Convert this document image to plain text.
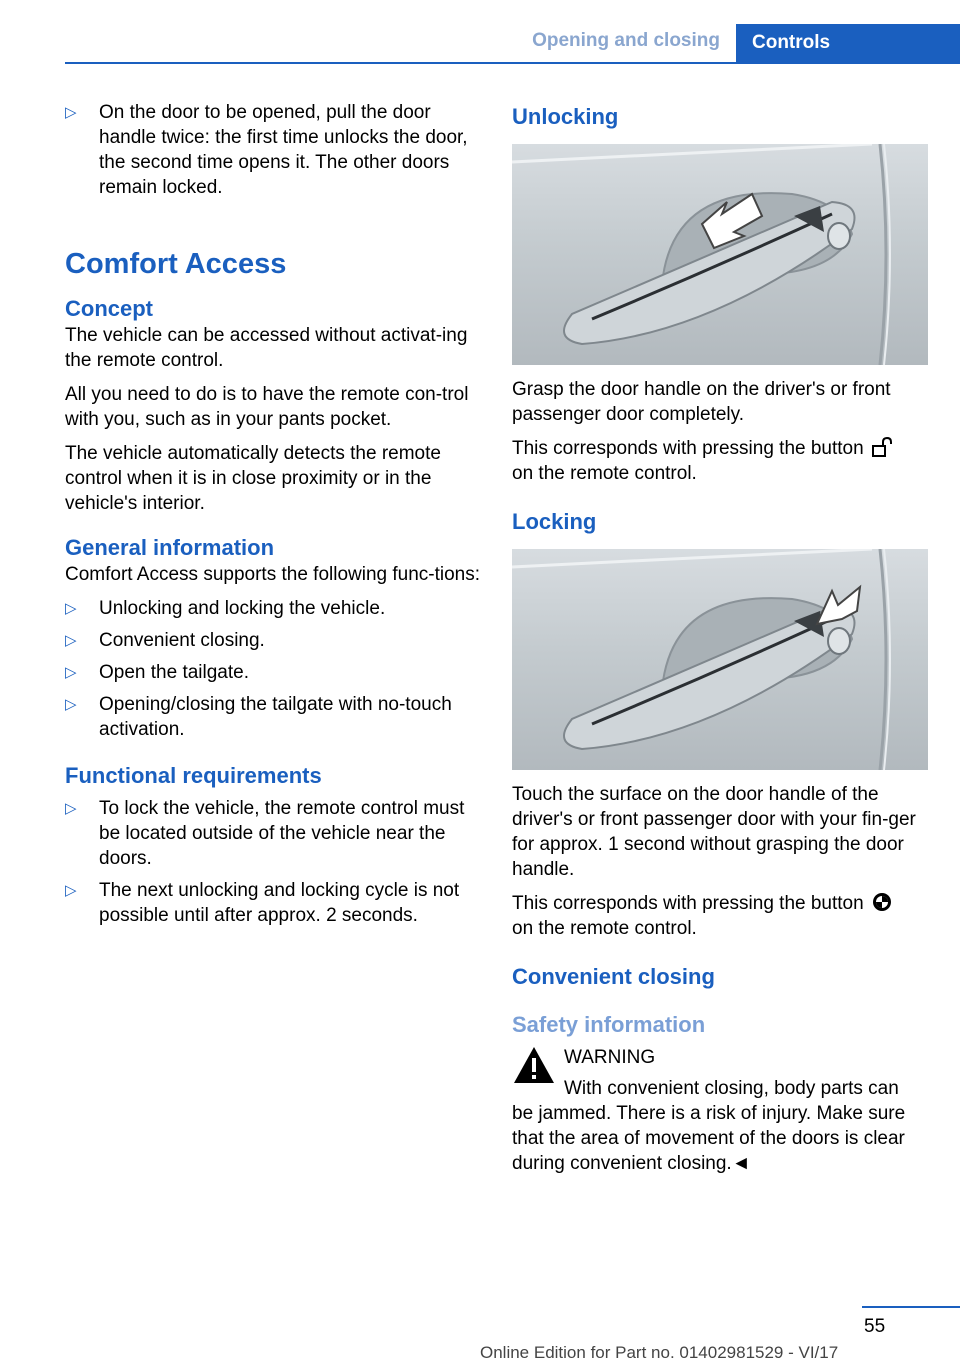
Opening and closing	Controls
▷ On the door to be opened, pull the door handle twice: the first time unlocks the door, the second time opens it. The other doors remain locked.
Comfort Access
Concept

The vehicle can be accessed without activat‐ing the remote control.

All you need to do is to have the remote con‐trol with you, such as in your pants pocket.

The vehicle automatically detects the remote control when it is in close proximity or in the vehicle's interior.

General information

Comfort Access supports the following func‐tions:

▷ Unlocking and locking the vehicle.
▷ Convenient closing.
▷ Open the tailgate.
▷ Opening/closing the tailgate with no-touch activation.
Functional requirements
▷ To lock the vehicle, the remote control must be located outside of the vehicle near the doors.
▷ The next unlocking and locking cycle is not possible until after approx. 2 seconds.
Unlocking

Grasp the door handle on the driver's or front passenger door completely.

This corresponds with pressing the button
on the remote control.

Locking

Touch the surface on the door handle of the driver's or front passenger door with your fin‐ger for approx. 1 second without grasping the door handle.

This corresponds with pressing the button
on the remote control.

Convenient closing
Safety information

WARNING

With convenient closing, body parts can

be jammed. There is a risk of injury. Make sure that the area of movement of the doors is clear during convenient closing.◄

55
Online Edition for Part no. 01402981529 - VI/17
